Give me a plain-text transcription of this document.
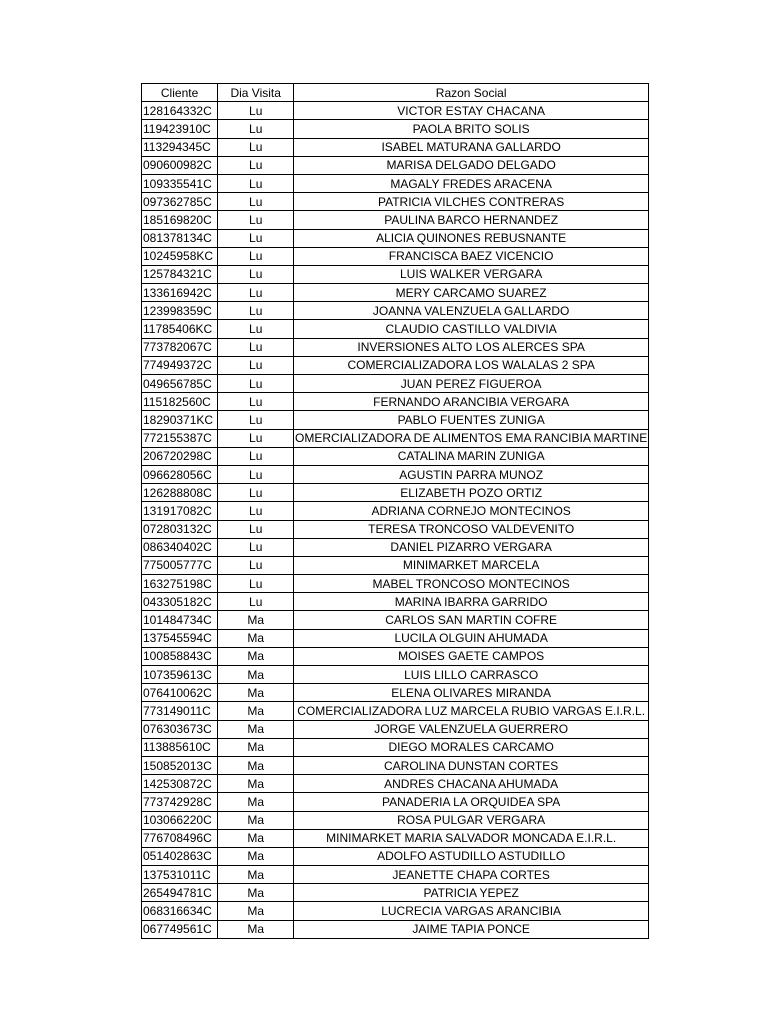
Cliente	Dia Visita	Razon Social
128164332C	Lu	VICTOR ESTAY CHACANA
119423910C	Lu	PAOLA BRITO SOLIS
113294345C	Lu	ISABEL MATURANA GALLARDO
090600982C	Lu	MARISA DELGADO DELGADO
109335541C	Lu	MAGALY FREDES ARACENA
097362785C	Lu	PATRICIA VILCHES CONTRERAS
185169820C	Lu	PAULINA BARCO HERNANDEZ
081378134C	Lu	ALICIA QUINONES REBUSNANTE
10245958KC	Lu	FRANCISCA BAEZ VICENCIO
125784321C	Lu	LUIS WALKER VERGARA
133616942C	Lu	MERY CARCAMO SUAREZ
123998359C	Lu	JOANNA VALENZUELA GALLARDO
11785406KC	Lu	CLAUDIO CASTILLO VALDIVIA
773782067C	Lu	INVERSIONES ALTO LOS ALERCES SPA
774949372C	Lu	COMERCIALIZADORA LOS WALALAS 2 SPA
049656785C	Lu	JUAN PEREZ FIGUEROA
115182560C	Lu	FERNANDO ARANCIBIA VERGARA
18290371KC	Lu	PABLO FUENTES ZUNIGA
772155387C	Lu	OMERCIALIZADORA DE ALIMENTOS EMA RANCIBIA MARTINE
206720298C	Lu	CATALINA MARIN ZUNIGA
096628056C	Lu	AGUSTIN PARRA MUNOZ
126288808C	Lu	ELIZABETH POZO ORTIZ
131917082C	Lu	ADRIANA CORNEJO MONTECINOS
072803132C	Lu	TERESA TRONCOSO VALDEVENITO
086340402C	Lu	DANIEL PIZARRO VERGARA
775005777C	Lu	MINIMARKET MARCELA
163275198C	Lu	MABEL TRONCOSO MONTECINOS
043305182C	Lu	MARINA IBARRA GARRIDO
101484734C	Ma	CARLOS SAN MARTIN COFRE
137545594C	Ma	LUCILA OLGUIN AHUMADA
100858843C	Ma	MOISES GAETE CAMPOS
107359613C	Ma	LUIS LILLO CARRASCO
076410062C	Ma	ELENA OLIVARES MIRANDA
773149011C	Ma	COMERCIALIZADORA LUZ MARCELA RUBIO VARGAS E.I.R.L.
076303673C	Ma	JORGE VALENZUELA GUERRERO
113885610C	Ma	DIEGO MORALES CARCAMO
150852013C	Ma	CAROLINA DUNSTAN CORTES
142530872C	Ma	ANDRES CHACANA AHUMADA
773742928C	Ma	PANADERIA LA ORQUIDEA SPA
103066220C	Ma	ROSA PULGAR VERGARA
776708496C	Ma	MINIMARKET MARIA SALVADOR MONCADA E.I.R.L.
051402863C	Ma	ADOLFO ASTUDILLO ASTUDILLO
137531011C	Ma	JEANETTE CHAPA CORTES
265494781C	Ma	PATRICIA YEPEZ
068316634C	Ma	LUCRECIA VARGAS ARANCIBIA
067749561C	Ma	JAIME TAPIA PONCE
